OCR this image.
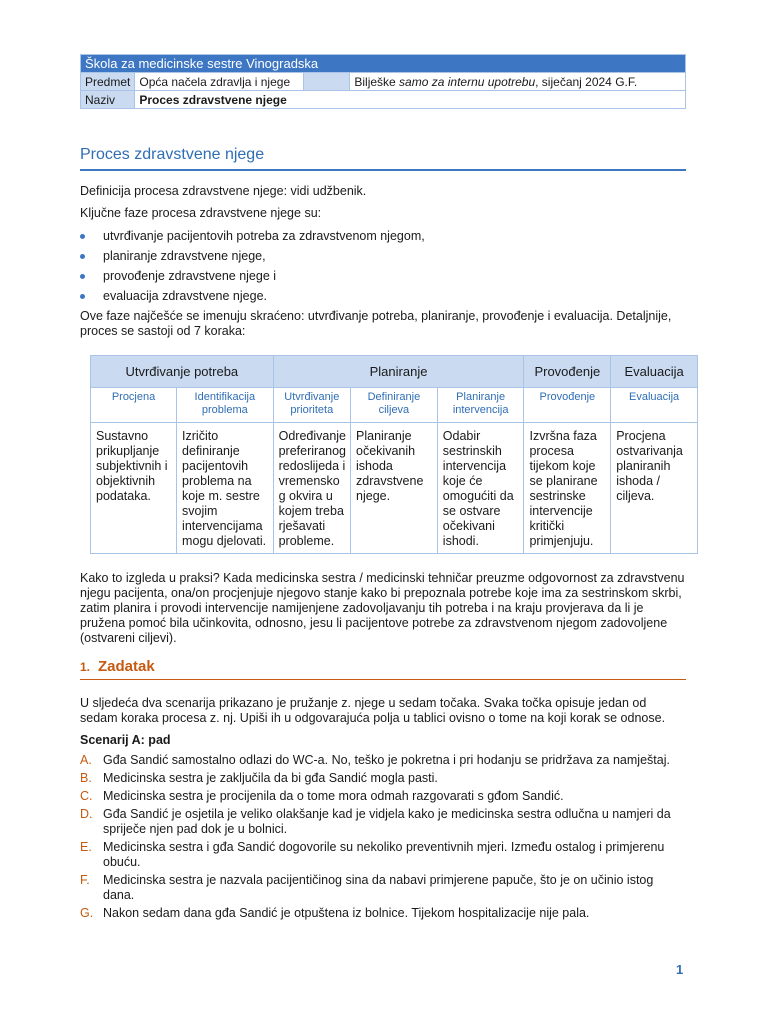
Škola za medicinske sestre Vinogradska			
Predmet	Opća načela zdravlja i njege		Bilješke samo za internu upotrebu, siječanj 2024 G.F.
Naziv	Proces zdravstvene njege		
Proces zdravstvene njege

Definicija procesa zdravstvene njege: vidi udžbenik.

Ključne faze procesa zdravstvene njege su:

utvrđivanje pacijentovih potreba za zdravstvenom njegom,
planiranje zdravstvene njege,
provođenje zdravstvene njege i
evaluacija zdravstvene njege.

Ove faze najčešće se imenuju skraćeno: utvrđivanje potreba, planiranje, provođenje i evaluacija. Detaljnije, proces se sastoji od 7 koraka:

Utvrđivanje potreba		Planiranje			Provođenje	Evaluacija
Procjena	Identifikacija problema	Utvrđivanje prioriteta	Definiranje ciljeva	Planiranje intervencija	Provođenje	Evaluacija
Sustavno prikupljanje subjektivnih i objektivnih podataka.	Izričito definiranje pacijentovih problema na koje m. sestre svojim intervencijama mogu djelovati.	Određivanje preferiranog redoslijeda i vremensko g okvira u kojem treba rješavati probleme.	Planiranje očekivanih ishoda zdravstvene njege.	Odabir sestrinskih intervencija koje će omogućiti da se ostvare očekivani ishodi.	Izvršna faza procesa tijekom koje se planirane sestrinske intervencije kritički primjenjuju.	Procjena ostvarivanja planiranih ishoda / ciljeva.

Kako to izgleda u praksi? Kada medicinska sestra / medicinski tehničar preuzme odgovornost za zdravstvenu njegu pacijenta, ona/on procjenjuje njegovo stanje kako bi prepoznala potrebe koje ima za sestrinskom skrbi, zatim planira i provodi intervencije namijenjene zadovoljavanju tih potreba i na kraju provjerava da li je pružena pomoć bila učinkovita, odnosno, jesu li pacijentove potrebe za zdravstvenom njegom zadovoljene (ostvareni ciljevi).

1. Zadatak

U sljedeća dva scenarija prikazano je pružanje z. njege u sedam točaka. Svaka točka opisuje jedan od sedam koraka procesa z. nj. Upiši ih u odgovarajuća polja u tablici ovisno o tome na koji korak se odnose.

Scenarij A: pad
A. Gđa Sandić samostalno odlazi do WC-a. No, teško je pokretna i pri hodanju se pridržava za namještaj.
B. Medicinska sestra je zaključila da bi gđa Sandić mogla pasti.
C. Medicinska sestra je procijenila da o tome mora odmah razgovarati s gđom Sandić.
D. Gđa Sandić je osjetila je veliko olakšanje kad je vidjela kako je medicinska sestra odlučna u namjeri da spriječe njen pad dok je u bolnici.
E. Medicinska sestra i gđa Sandić dogovorile su nekoliko preventivnih mjeri. Između ostalog i primjerenu obuću.
F. Medicinska sestra je nazvala pacijentičinog sina da nabavi primjerene papuče, što je on učinio istog dana.
G. Nakon sedam dana gđa Sandić je otpuštena iz bolnice. Tijekom hospitalizacije nije pala.
1
